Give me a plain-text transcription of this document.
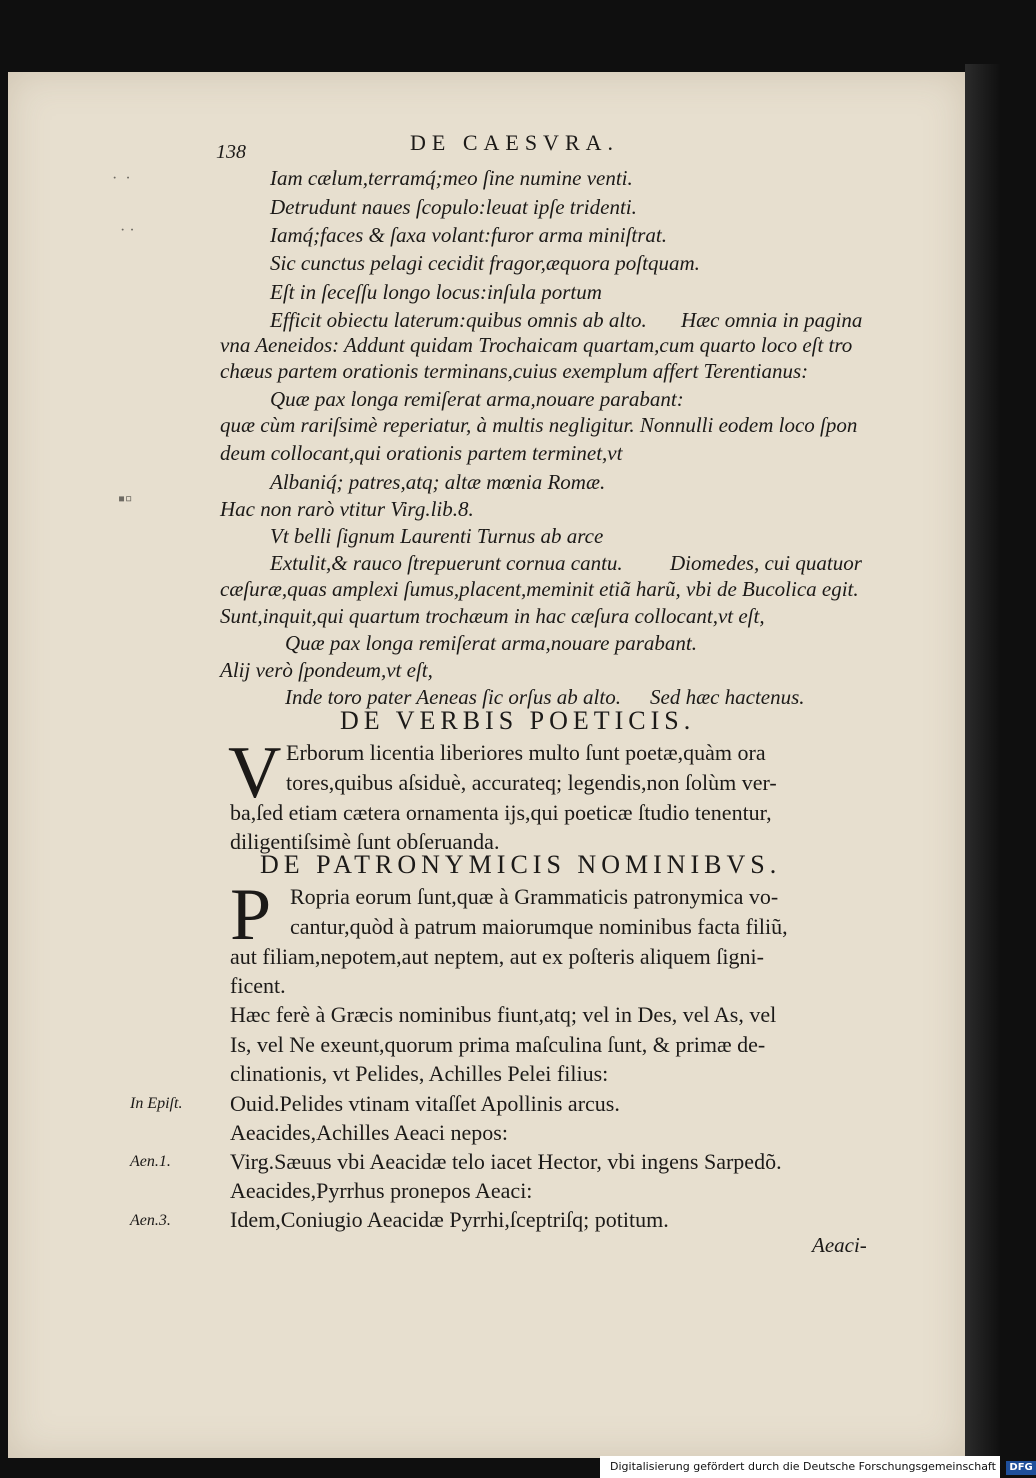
138	DE CAESVRA.
·  ·
· ·
▪▫
Iam cælum,terramq́;meo ſine numine venti.
Detrudunt naues ſcopulo:leuat ipſe tridenti.
Iamq́;faces & ſaxa volant:furor arma miniſtrat.
Sic cunctus pelagi cecidit fragor,æquora poſtquam.
Eſt in ſeceſſu longo locus:inſula portum
Efficit obiectu laterum:quibus omnis ab alto. Hæc omnia in pagina
vna Aeneidos: Addunt quidam Trochaicam quartam,cum quarto loco eſt tro
chæus partem orationis terminans,cuius exemplum affert Terentianus:
Quæ pax longa remiſerat arma,nouare parabant:
quæ cùm rariſsimè reperiatur, à multis negligitur. Nonnulli eodem loco ſpon
deum collocant,qui orationis partem terminet,vt
Albaniq́; patres,atq; altæ mœnia Romæ.
Hac non rarò vtitur Virg.lib.8.
Vt belli ſignum Laurenti Turnus ab arce
Extulit,& rauco ſtrepuerunt cornua cantu. Diomedes, cui quatuor
cæſuræ,quas amplexi ſumus,placent,meminit etiã harũ, vbi de Bucolica egit.
Sunt,inquit,qui quartum trochæum in hac cæſura collocant,vt eſt,
Quæ pax longa remiſerat arma,nouare parabant.
Alij verò ſpondeum,vt eſt,
Inde toro pater Aeneas ſic orſus ab alto. Sed hæc hactenus.
DE VERBIS POETICIS.
V Erborum licentia liberiores multo ſunt poetæ,quàm ora
tores,quibus aſsiduè, accurateq; legendis,non ſolùm ver-
ba,ſed etiam cætera ornamenta ijs,qui poeticæ ſtudio tenentur,
diligentiſsimè ſunt obſeruanda.
DE PATRONYMICIS NOMINIBVS.
P Ropria eorum ſunt,quæ à Grammaticis patronymica vo-
cantur,quòd à patrum maiorumque nominibus facta filiũ,
aut filiam,nepotem,aut neptem, aut ex poſteris aliquem ſigni-
ficent.
Hæc ferè à Græcis nominibus fiunt,atq; vel in Des, vel As, vel
Is, vel Ne exeunt,quorum prima maſculina ſunt, & primæ de-
clinationis, vt Pelides, Achilles Pelei filius:
Ouid.Pelides vtinam vitaſſet Apollinis arcus.
Aeacides,Achilles Aeaci nepos:
Virg.Sæuus vbi Aeacidæ telo iacet Hector, vbi ingens Sarpedõ.
Aeacides,Pyrrhus pronepos Aeaci:
Idem,Coniugio Aeacidæ Pyrrhi,ſceptriſq; potitum.
In Epiſt.
Aen.1.
Aen.3.
Aeaci-
Digitalisierung gefördert durch die Deutsche Forschungsgemeinschaft - DFG
